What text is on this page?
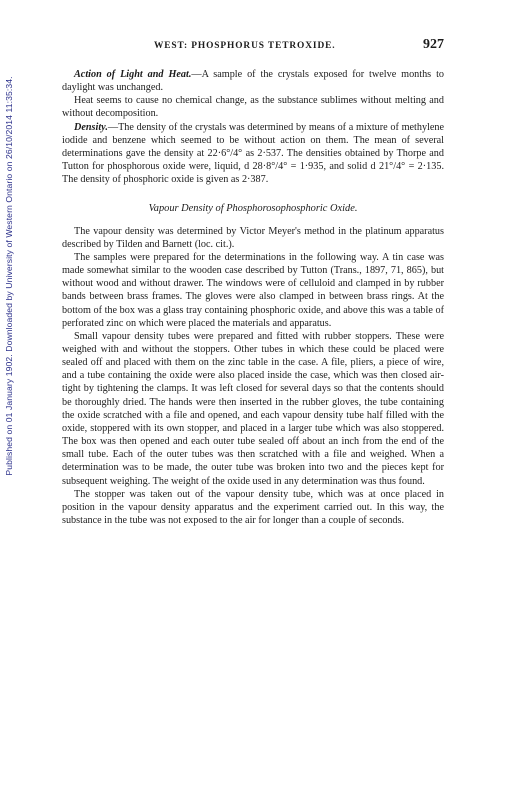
Published on 01 January 1902. Downloaded by University of Western Ontario on 26/10/2014 11:35:34.
WEST: PHOSPHORUS TETROXIDE.	927

Action of Light and Heat.—A sample of the crystals exposed for twelve months to daylight was unchanged.

Heat seems to cause no chemical change, as the substance sublimes without melting and without decomposition.

Density.—The density of the crystals was determined by means of a mixture of methylene iodide and benzene which seemed to be without action on them. The mean of several determinations gave the density at 22·6°/4° as 2·537. The densities obtained by Thorpe and Tutton for phosphorous oxide were, liquid, d 28·8°/4° = 1·935, and solid d 21°/4° = 2·135. The density of phosphoric oxide is given as 2·387.

Vapour Density of Phosphorosophosphoric Oxide.

The vapour density was determined by Victor Meyer's method in the platinum apparatus described by Tilden and Barnett (loc. cit.).

The samples were prepared for the determinations in the following way. A tin case was made somewhat similar to the wooden case described by Tutton (Trans., 1897, 71, 865), but without wood and without drawer. The windows were of celluloid and clamped in by rubber bands between brass frames. The gloves were also clamped in between brass rings. At the bottom of the box was a glass tray containing phosphoric oxide, and above this was a table of perforated zinc on which were placed the materials and apparatus.

Small vapour density tubes were prepared and fitted with rubber stoppers. These were weighed with and without the stoppers. Other tubes in which these could be placed were sealed off and placed with them on the zinc table in the case. A file, pliers, a piece of wire, and a tube containing the oxide were also placed inside the case, which was then closed air-tight by tightening the clamps. It was left closed for several days so that the contents should be thoroughly dried. The hands were then inserted in the rubber gloves, the tube containing the oxide scratched with a file and opened, and each vapour density tube half filled with the oxide, stoppered with its own stopper, and placed in a larger tube which was also stoppered. The box was then opened and each outer tube sealed off about an inch from the end of the small tube. Each of the outer tubes was then scratched with a file and weighed. When a determination was to be made, the outer tube was broken into two and the pieces kept for subsequent weighing. The weight of the oxide used in any determination was thus found.

The stopper was taken out of the vapour density tube, which was at once placed in position in the vapour density apparatus and the experiment carried out. In this way, the substance in the tube was not exposed to the air for longer than a couple of seconds.
